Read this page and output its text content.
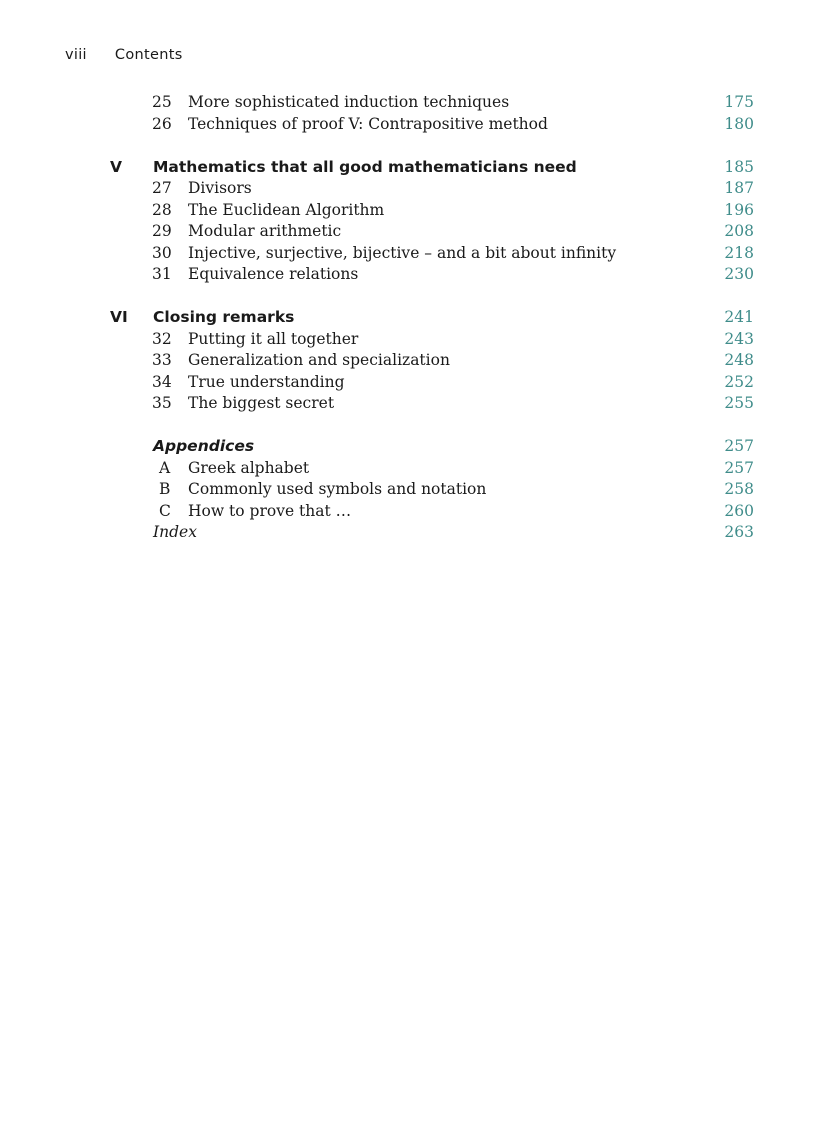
viii Contents
25 More sophisticated induction techniques	175
26 Techniques of proof V: Contrapositive method	180
V Mathematics that all good mathematicians need	185
27 Divisors	187
28 The Euclidean Algorithm	196
29 Modular arithmetic	208
30 Injective, surjective, bijective – and a bit about infinity	218
31 Equivalence relations	230
VI Closing remarks	241
32 Putting it all together	243
33 Generalization and specialization	248
34 True understanding	252
35 The biggest secret	255
Appendices	257
A Greek alphabet	257
B Commonly used symbols and notation	258
C How to prove that …	260
Index	263
